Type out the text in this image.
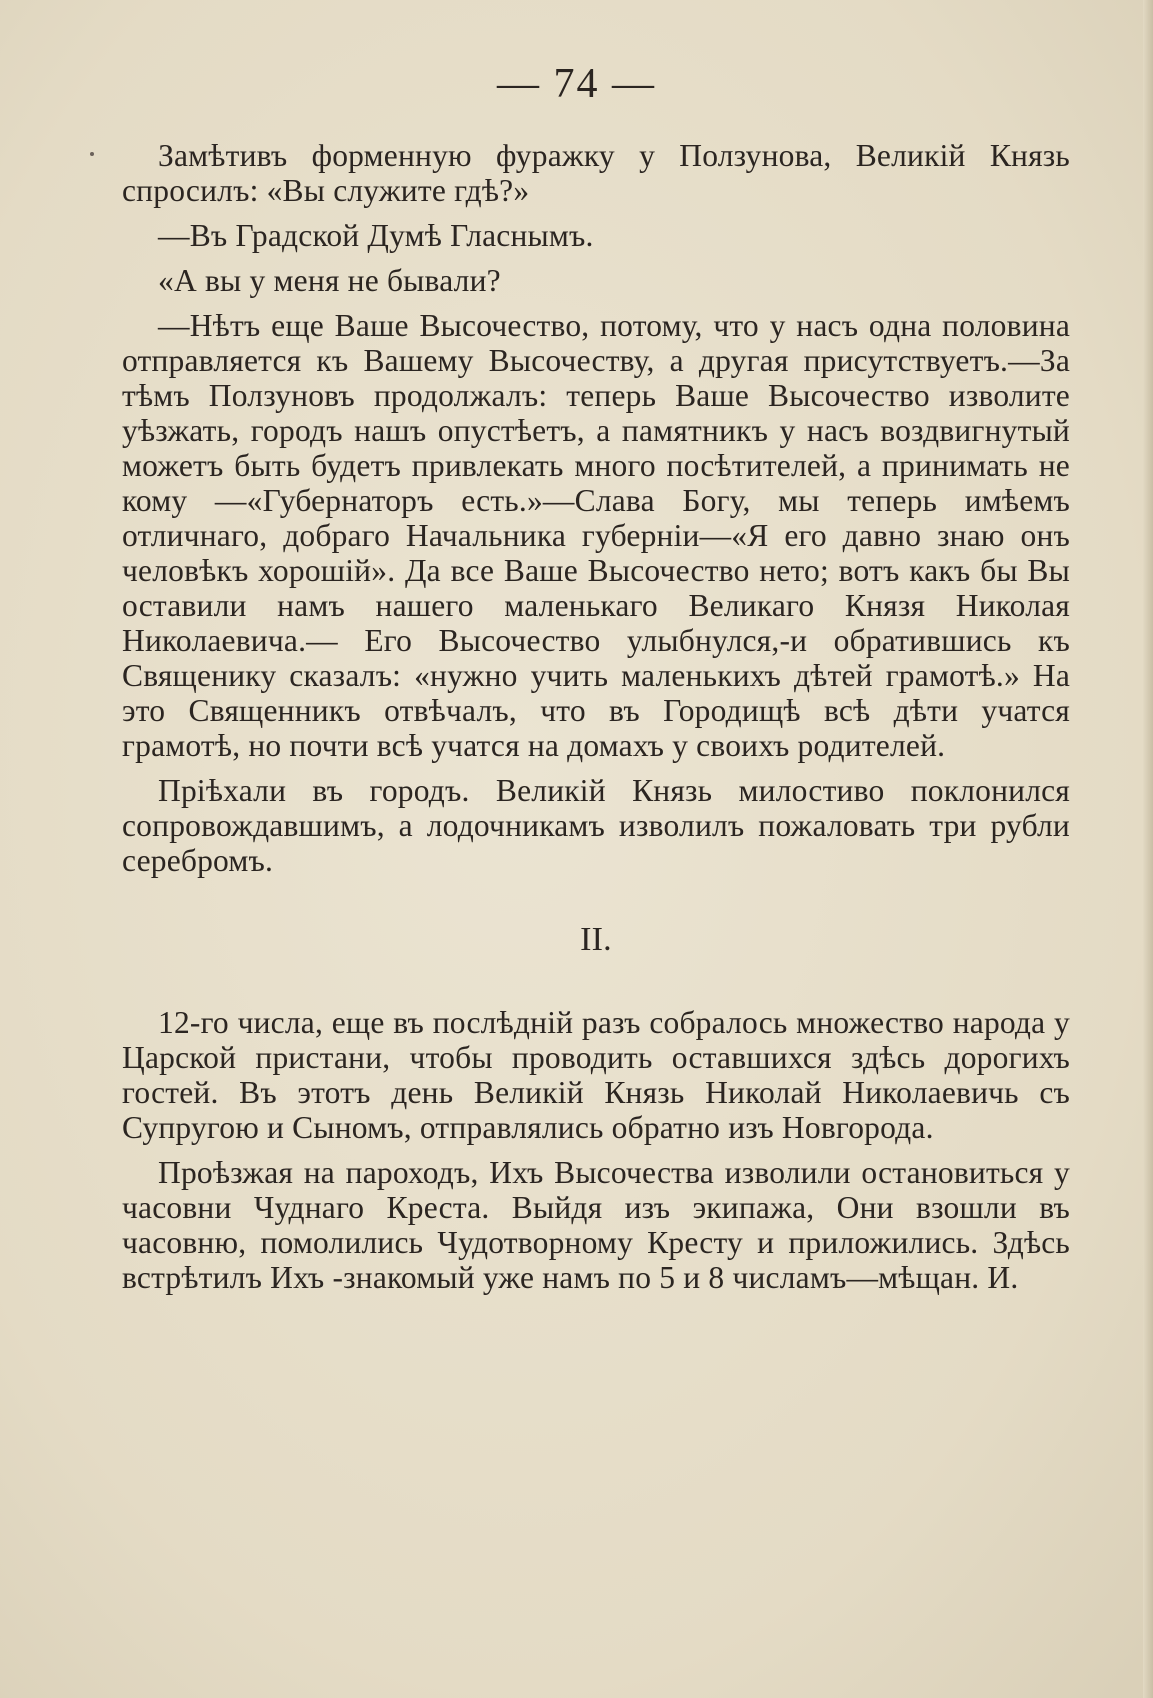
— 74 —

Замѣтивъ форменную фуражку у Ползунова, Великій Князь спросилъ: «Вы служите гдѣ?»

—Въ Градской Думѣ Гласнымъ.

«А вы у меня не бывали?

—Нѣтъ еще Ваше Высочество, потому, что у насъ одна половина отправляется къ Вашему Высочеству, а другая присутствуетъ.—За тѣмъ Ползуновъ продолжалъ: теперь Ваше Высочество изволите уѣзжать, городъ нашъ опустѣетъ, а памятникъ у насъ воздвигнутый можетъ быть будетъ привлекать много посѣтителей, а принимать не кому —«Губернаторъ есть.»—Слава Богу, мы теперь имѣемъ отличнаго, добраго Начальника губерніи—«Я его давно знаю онъ человѣкъ хорошій». Да все Ваше Высочество нето; вотъ какъ бы Вы оставили намъ нашего маленькаго Великаго Князя Николая Николаевича.— Его Высочество улыбнулся,-и обратившись къ Священику сказалъ: «нужно учить маленькихъ дѣтей грамотѣ.» На это Священникъ отвѣчалъ, что въ Городищѣ всѣ дѣти учатся грамотѣ, но почти всѣ учатся на домахъ у своихъ родителей.

Пріѣхали въ городъ. Великій Князь милостиво поклонился сопровождавшимъ, а лодочникамъ изволилъ пожаловать три рубли серебромъ.

II.

12-го числа, еще въ послѣдній разъ собралось множество народа у Царской пристани, чтобы проводить оставшихся здѣсь дорогихъ гостей. Въ этотъ день Великій Князь Николай Николаевичь съ Супругою и Сыномъ, отправлялись обратно изъ Новгорода.

Проѣзжая на пароходъ, Ихъ Высочества изволили остановиться у часовни Чуднаго Креста. Выйдя изъ экипажа, Они взошли въ часовню, помолились Чудотворному Кресту и приложились. Здѣсь встрѣтилъ Ихъ -знакомый уже намъ по 5 и 8 числамъ—мѣщан. И.
